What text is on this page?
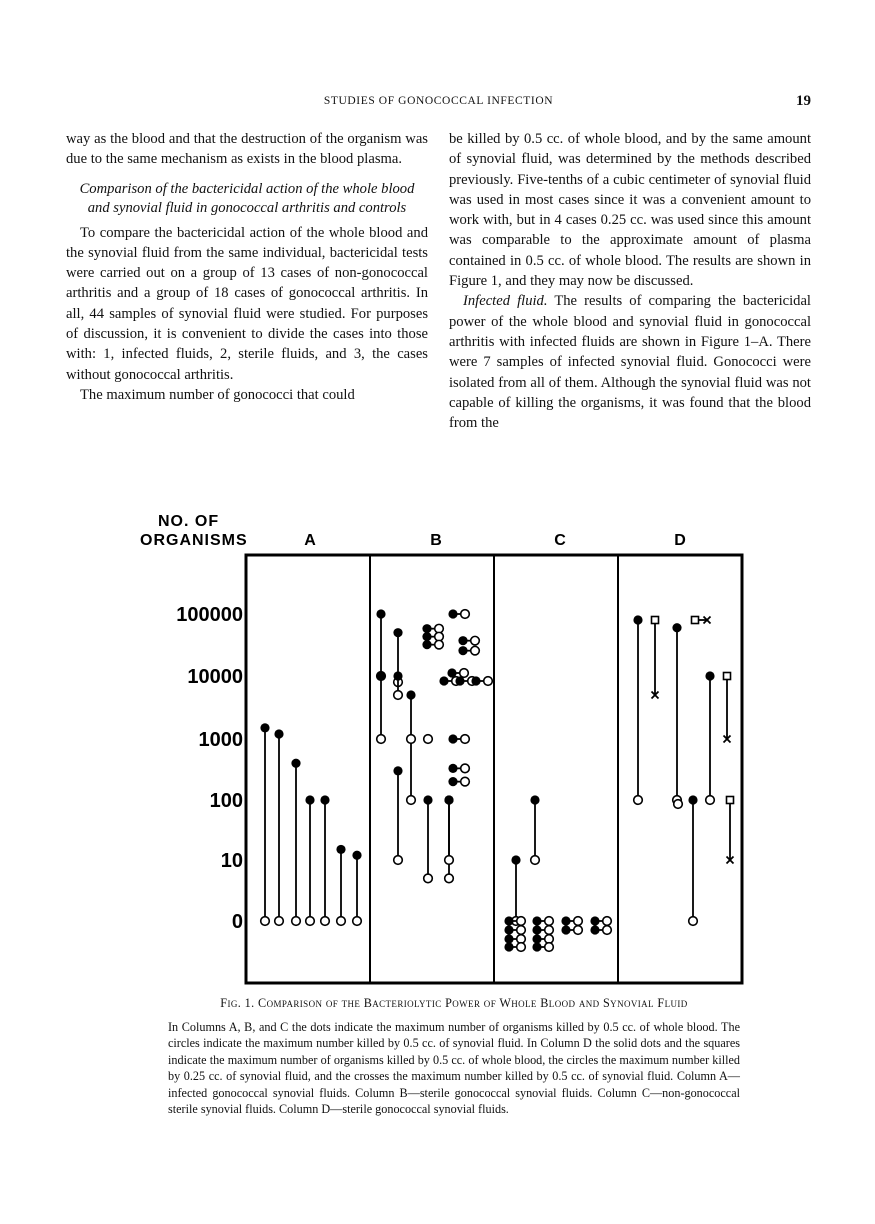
STUDIES OF GONOCOCCAL INFECTION	19

way as the blood and that the destruction of the organism was due to the same mechanism as exists in the blood plasma.

Comparison of the bactericidal action of the whole blood and synovial fluid in gonococcal arthritis and controls

To compare the bactericidal action of the whole blood and the synovial fluid from the same individual, bactericidal tests were carried out on a group of 13 cases of non-gonococcal arthritis and a group of 18 cases of gonococcal arthritis. In all, 44 samples of synovial fluid were studied. For purposes of discussion, it is convenient to divide the cases into those with: 1, infected fluids, 2, sterile fluids, and 3, the cases without gonococcal arthritis.

The maximum number of gonococci that could

be killed by 0.5 cc. of whole blood, and by the same amount of synovial fluid, was determined by the methods described previously. Five-tenths of a cubic centimeter of synovial fluid was used in most cases since it was a convenient amount to work with, but in 4 cases 0.25 cc. was used since this amount was comparable to the approximate amount of plasma contained in 0.5 cc. of whole blood. The results are shown in Figure 1, and they may now be discussed.

Infected fluid. The results of comparing the bactericidal power of the whole blood and synovial fluid in gonococcal arthritis with infected fluids are shown in Figure 1–A. There were 7 samples of infected synovial fluid. Gonococci were isolated from all of them. Although the synovial fluid was not capable of killing the organisms, it was found that the blood from the

NO. OF
ORGANISMS	A	B	C	D
100000
10000
1000
100
10
0

Fig. 1. Comparison of the Bacteriolytic Power of Whole Blood and Synovial Fluid

In Columns A, B, and C the dots indicate the maximum number of organisms killed by 0.5 cc. of whole blood. The circles indicate the maximum number killed by 0.5 cc. of synovial fluid. In Column D the solid dots and the squares indicate the maximum number of organisms killed by 0.5 cc. of whole blood, the circles the maximum number killed by 0.25 cc. of synovial fluid, and the crosses the maximum number killed by 0.5 cc. of synovial fluid. Column A—infected gonococcal synovial fluids. Column B—sterile gonococcal synovial fluids. Column C—non-gonococcal sterile synovial fluids. Column D—sterile gonococcal synovial fluids.
